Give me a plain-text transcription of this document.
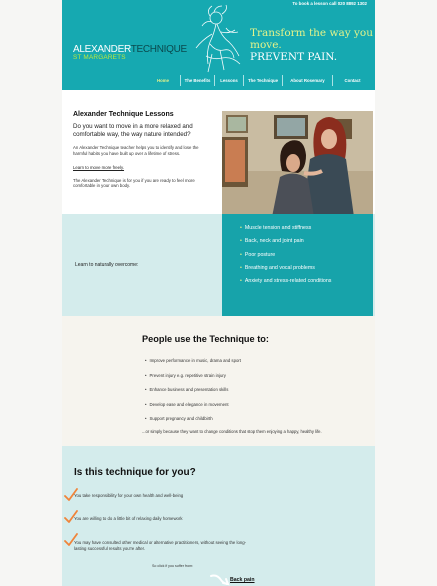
To book a lesson call 020 8892 1302
ALEXANDERTECHNIQUE
ST MARGARETS
Transform the way you move.
PREVENT PAIN.
Home	The Benefits	Lessons	The Technique	About Rosemary	Contact
Alexander Technique Lessons
Do you want to move in a more relaxed and comfortable way, the way nature intended?

An Alexander Technique teacher helps you to identify and lose the harmful habits you have built up over a lifetime of stress.

Learn to move more freely.

The Alexander Technique is for you if you are ready to feel more comfortable in your own body.

Learn to naturally overcome:
• Muscle tension and stiffness
• Back, neck and joint pain
• Poor posture
• Breathing and vocal problems
• Anxiety and stress-related conditions
People use the Technique to:
• Improve performance in music, drama and sport
• Prevent injury e.g. repetitive strain injury
• Enhance business and presentation skills
• Develop ease and elegance in movement
• Support pregnancy and childbirth
...or simply because they want to change conditions that stop them enjoying a happy, healthy life.
Is this technique for you?
You take responsibility for your own health and well-being
You are willing to do a little bit of relaxing daily homework
You may have consulted other medical or alternative practitioners, without seeing the long-lasting successful results you're after.
So click if you suffer from:
Back pain
